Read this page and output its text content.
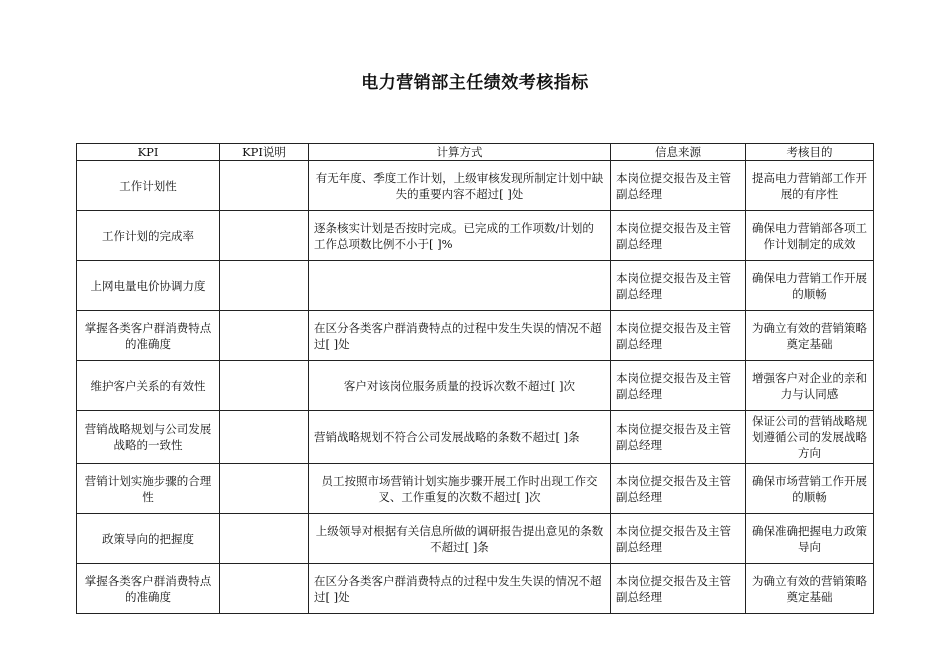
电力营销部主任绩效考核指标
KPI	KPI说明	计算方式	信息来源	考核目的
工作计划性		有无年度、季度工作计划，上级审核发现所制定计划中缺失的重要内容不超过[ ]处	本岗位提交报告及主管副总经理	提高电力营销部工作开展的有序性
工作计划的完成率		逐条核实计划是否按时完成。已完成的工作项数/计划的工作总项数比例不小于[ ]%	本岗位提交报告及主管副总经理	确保电力营销部各项工作计划制定的成效
上网电量电价协调力度			本岗位提交报告及主管副总经理	确保电力营销工作开展的顺畅
掌握各类客户群消费特点的准确度		在区分各类客户群消费特点的过程中发生失误的情况不超过[ ]处	本岗位提交报告及主管副总经理	为确立有效的营销策略奠定基础
维护客户关系的有效性		客户对该岗位服务质量的投诉次数不超过[ ]次	本岗位提交报告及主管副总经理	增强客户对企业的亲和力与认同感
营销战略规划与公司发展战略的一致性		营销战略规划不符合公司发展战略的条数不超过[ ]条	本岗位提交报告及主管副总经理	保证公司的营销战略规划遵循公司的发展战略方向
营销计划实施步骤的合理性		员工按照市场营销计划实施步骤开展工作时出现工作交叉、工作重复的次数不超过[ ]次	本岗位提交报告及主管副总经理	确保市场营销工作开展的顺畅
政策导向的把握度		上级领导对根据有关信息所做的调研报告提出意见的条数不超过[ ]条	本岗位提交报告及主管副总经理	确保准确把握电力政策导向
掌握各类客户群消费特点的准确度		在区分各类客户群消费特点的过程中发生失误的情况不超过[ ]处	本岗位提交报告及主管副总经理	为确立有效的营销策略奠定基础
